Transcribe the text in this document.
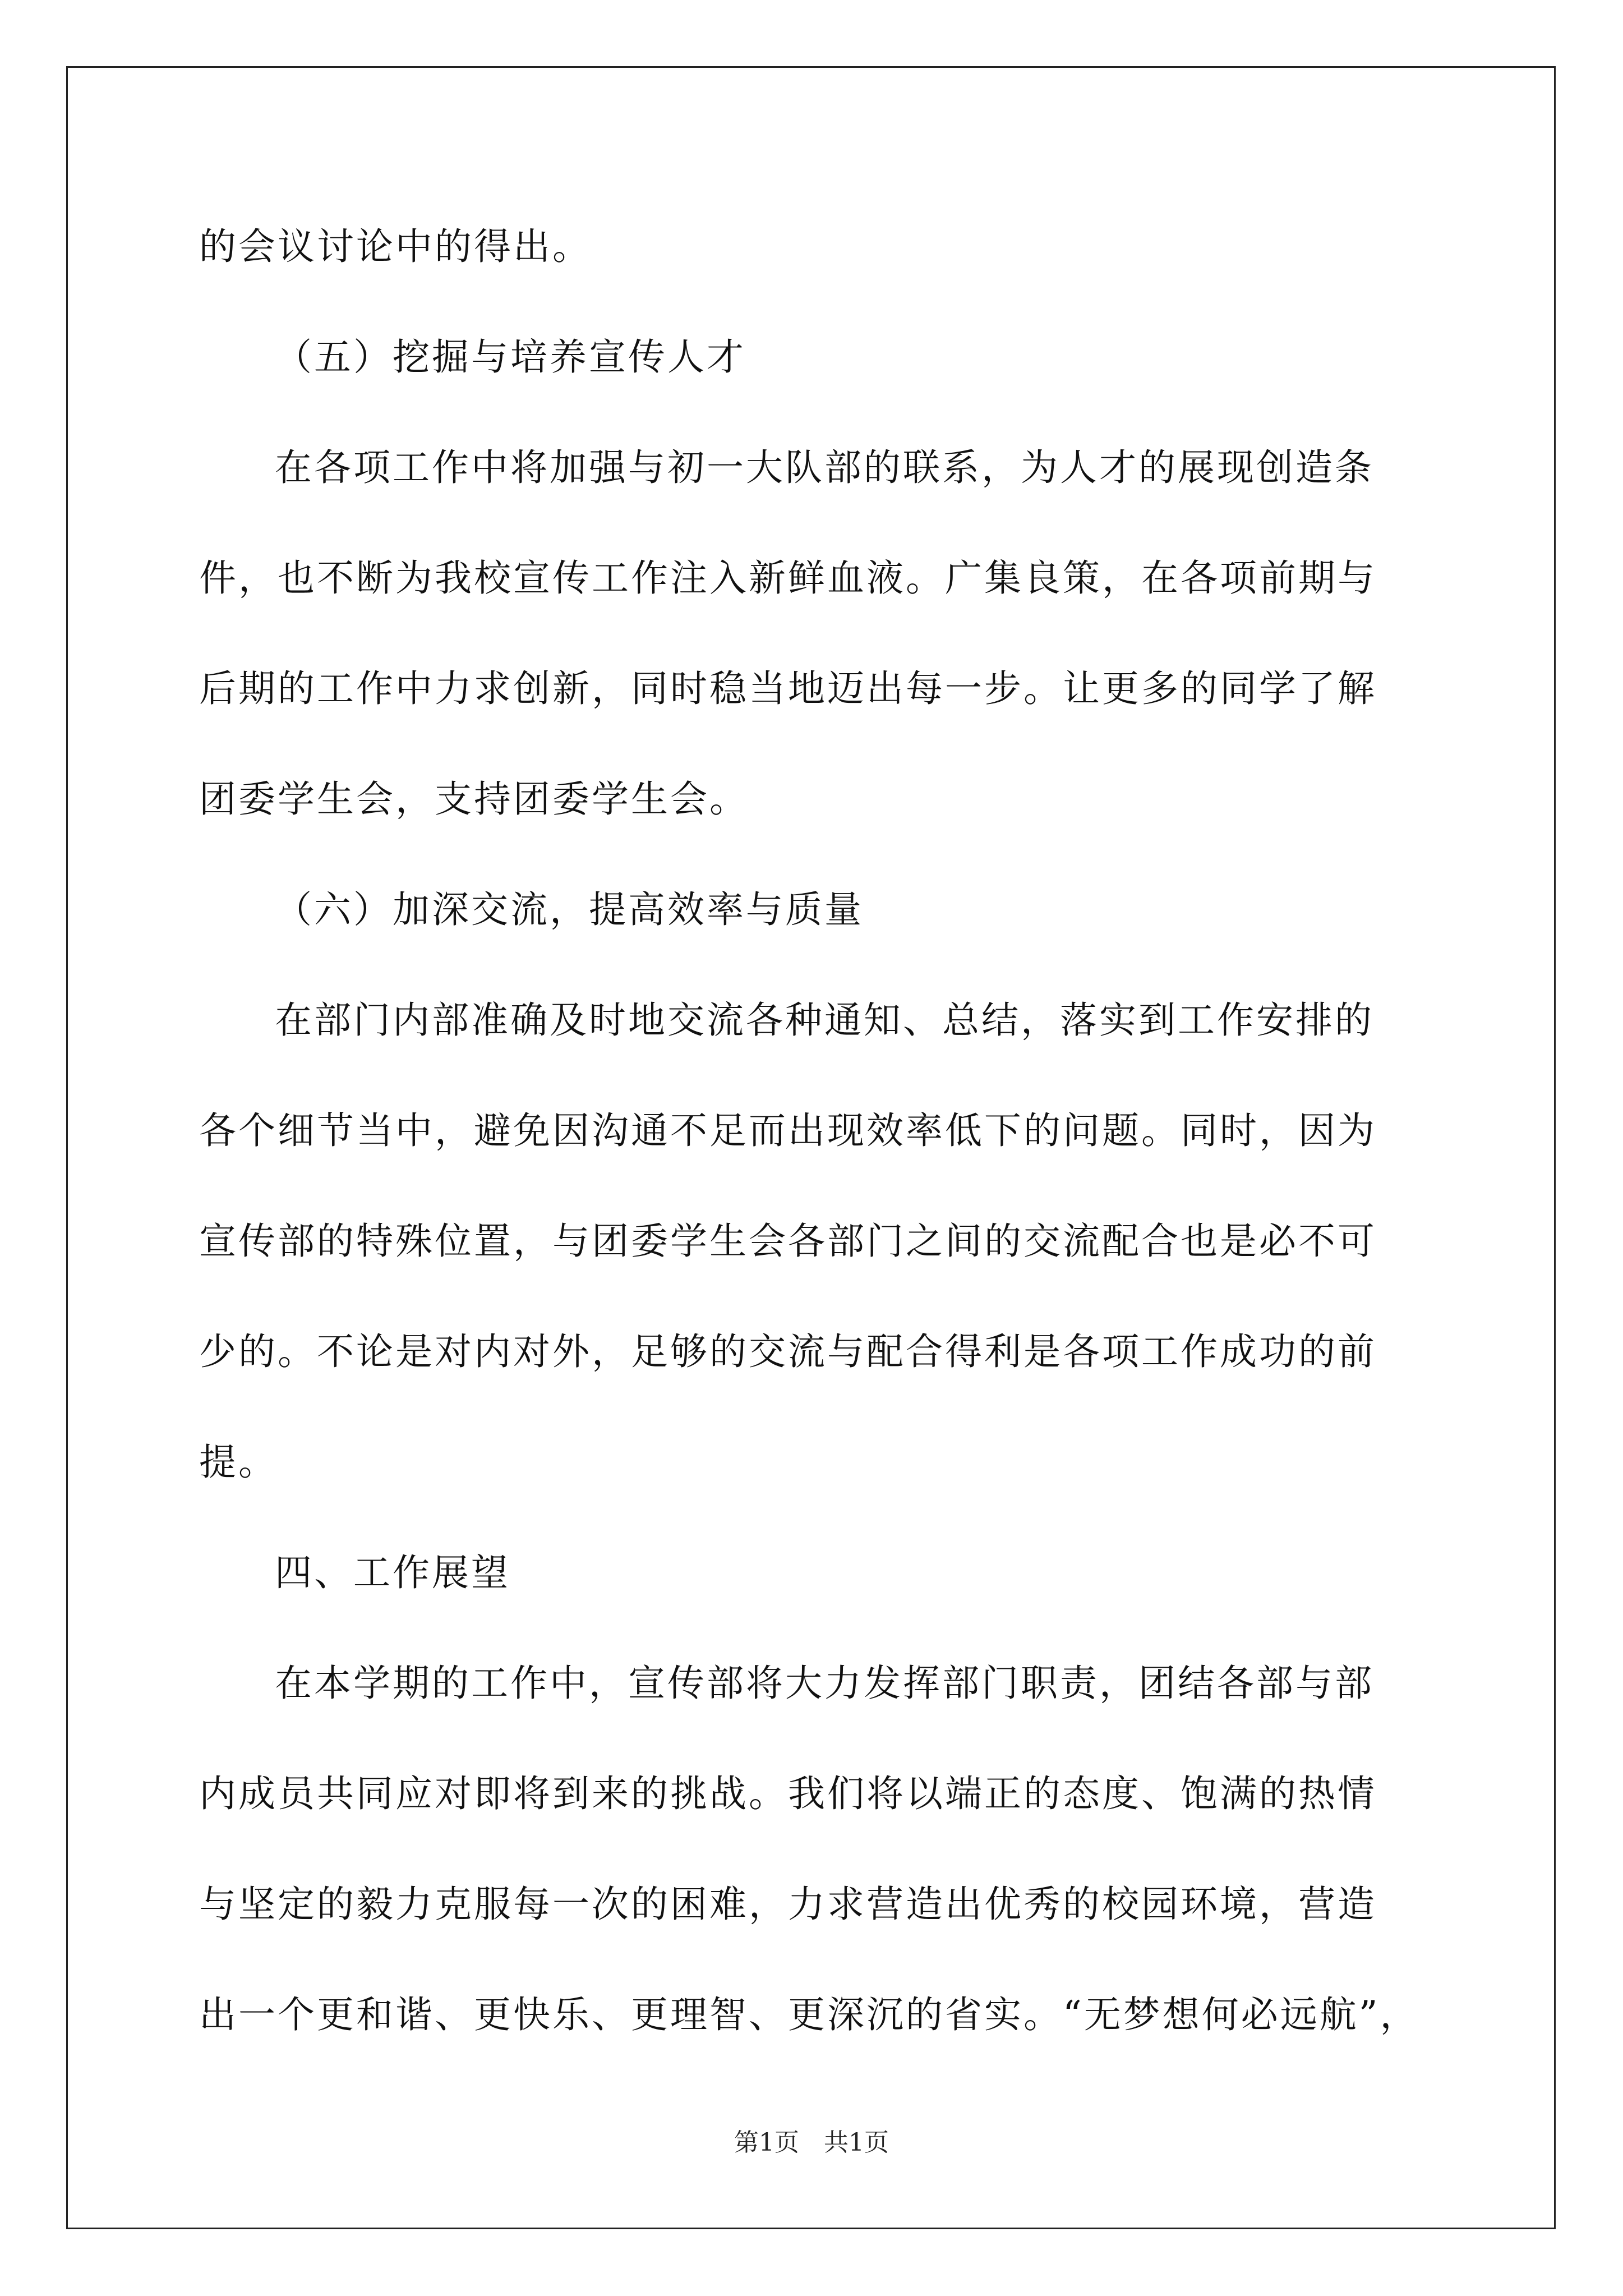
的会议讨论中的得出。
（五）挖掘与培养宣传人才
在各项工作中将加强与初一大队部的联系，为人才的展现创造条
件，也不断为我校宣传工作注入新鲜血液。广集良策，在各项前期与
后期的工作中力求创新，同时稳当地迈出每一步。让更多的同学了解
团委学生会，支持团委学生会。
（六）加深交流，提高效率与质量
在部门内部准确及时地交流各种通知、总结，落实到工作安排的
各个细节当中，避免因沟通不足而出现效率低下的问题。同时，因为
宣传部的特殊位置，与团委学生会各部门之间的交流配合也是必不可
少的。不论是对内对外，足够的交流与配合得利是各项工作成功的前
提。
四、工作展望
在本学期的工作中，宣传部将大力发挥部门职责，团结各部与部
内成员共同应对即将到来的挑战。我们将以端正的态度、饱满的热情
与坚定的毅力克服每一次的困难，力求营造出优秀的校园环境，营造
出一个更和谐、更快乐、更理智、更深沉的省实。“无梦想何必远航”，
第1页　共1页
